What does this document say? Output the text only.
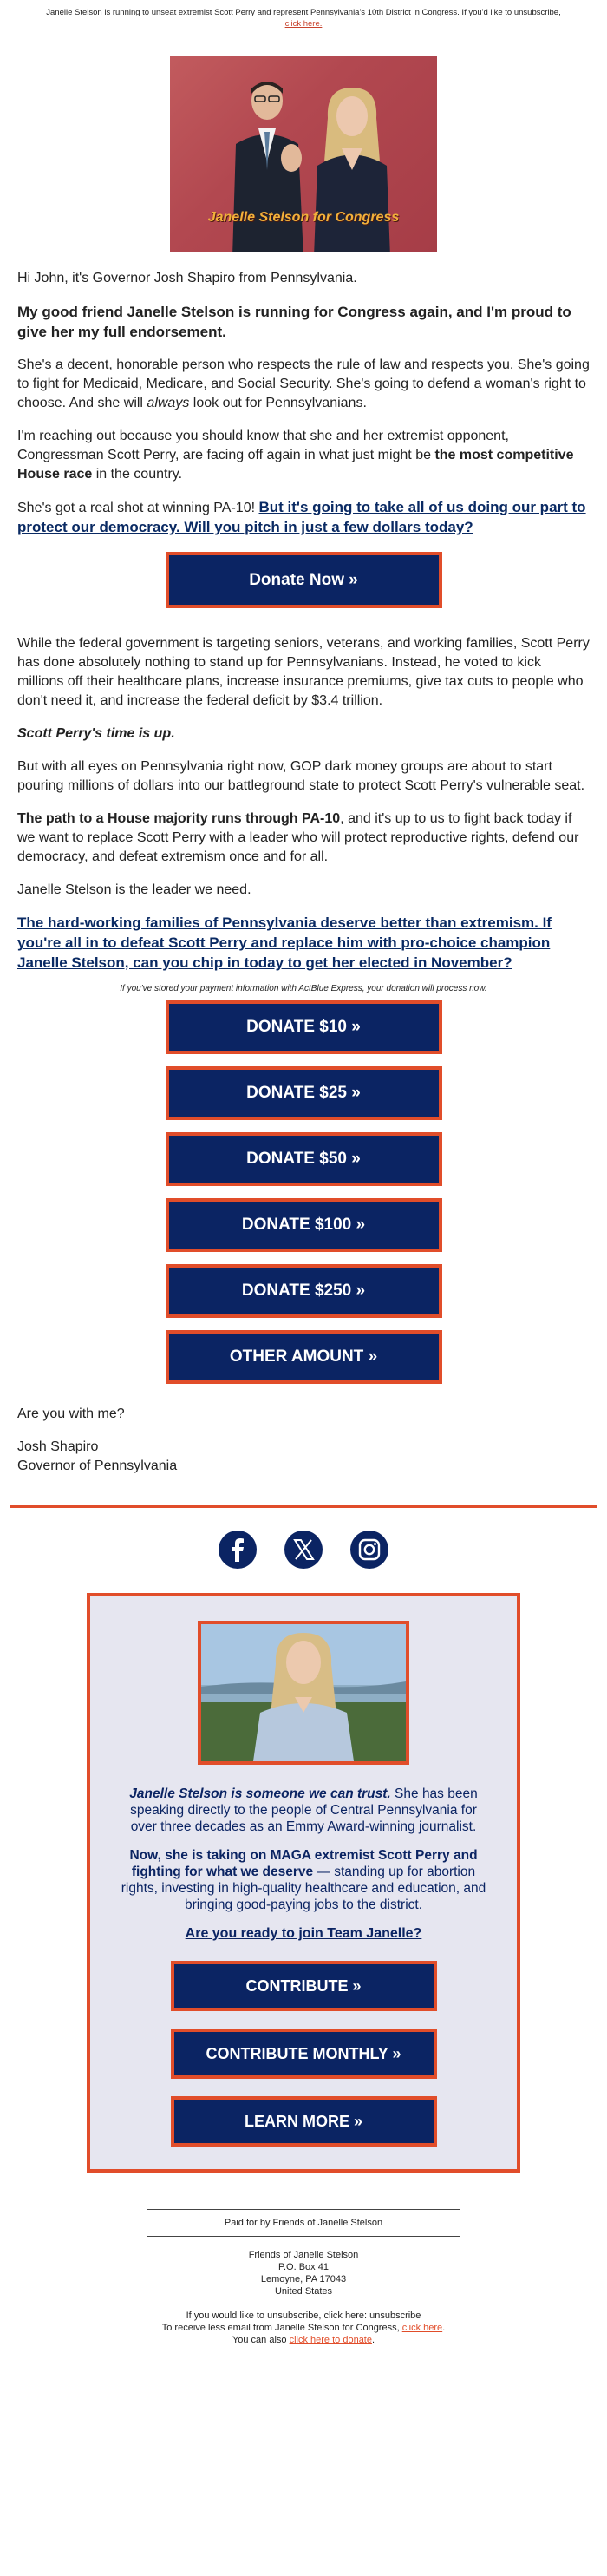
Janelle Stelson is running to unseat extremist Scott Perry and represent Pennsylvania's 10th District in Congress. If you'd like to unsubscribe,
click here.
Janelle Stelson for Congress

Hi John, it's Governor Josh Shapiro from Pennsylvania.

My good friend Janelle Stelson is running for Congress again, and I'm proud to give her my full endorsement.

She's a decent, honorable person who respects the rule of law and respects you. She's going to fight for Medicaid, Medicare, and Social Security. She's going to defend a woman's right to choose. And she will always look out for Pennsylvanians.

I'm reaching out because you should know that she and her extremist opponent, Congressman Scott Perry, are facing off again in what just might be the most competitive House race in the country.

She's got a real shot at winning PA-10! But it's going to take all of us doing our part to protect our democracy. Will you pitch in just a few dollars today?

Donate Now »

While the federal government is targeting seniors, veterans, and working families, Scott Perry has done absolutely nothing to stand up for Pennsylvanians. Instead, he voted to kick millions off their healthcare plans, increase insurance premiums, give tax cuts to people who don't need it, and increase the federal deficit by $3.4 trillion.

Scott Perry's time is up.

But with all eyes on Pennsylvania right now, GOP dark money groups are about to start pouring millions of dollars into our battleground state to protect Scott Perry's vulnerable seat.

The path to a House majority runs through PA-10, and it's up to us to fight back today if we want to replace Scott Perry with a leader who will protect reproductive rights, defend our democracy, and defeat extremism once and for all.

Janelle Stelson is the leader we need.

The hard-working families of Pennsylvania deserve better than extremism. If you're all in to defeat Scott Perry and replace him with pro-choice champion Janelle Stelson, can you chip in today to get her elected in November?

If you've stored your payment information with ActBlue Express, your donation will process now.
DONATE $10 »
DONATE $25 »
DONATE $50 »
DONATE $100 »
DONATE $250 »
OTHER AMOUNT »

Are you with me?

Josh Shapiro

Governor of Pennsylvania

Janelle Stelson is someone we can trust. She has been speaking directly to the people of Central Pennsylvania for over three decades as an Emmy Award-winning journalist.

Now, she is taking on MAGA extremist Scott Perry and fighting for what we deserve — standing up for abortion rights, investing in high-quality healthcare and education, and bringing good-paying jobs to the district.

Are you ready to join Team Janelle?

CONTRIBUTE »
CONTRIBUTE MONTHLY »
LEARN MORE »
Paid for by Friends of Janelle Stelson
Friends of Janelle Stelson
P.O. Box 41
Lemoyne, PA 17043
United States
If you would like to unsubscribe, click here: unsubscribe
To receive less email from Janelle Stelson for Congress, click here.
You can also click here to donate.
